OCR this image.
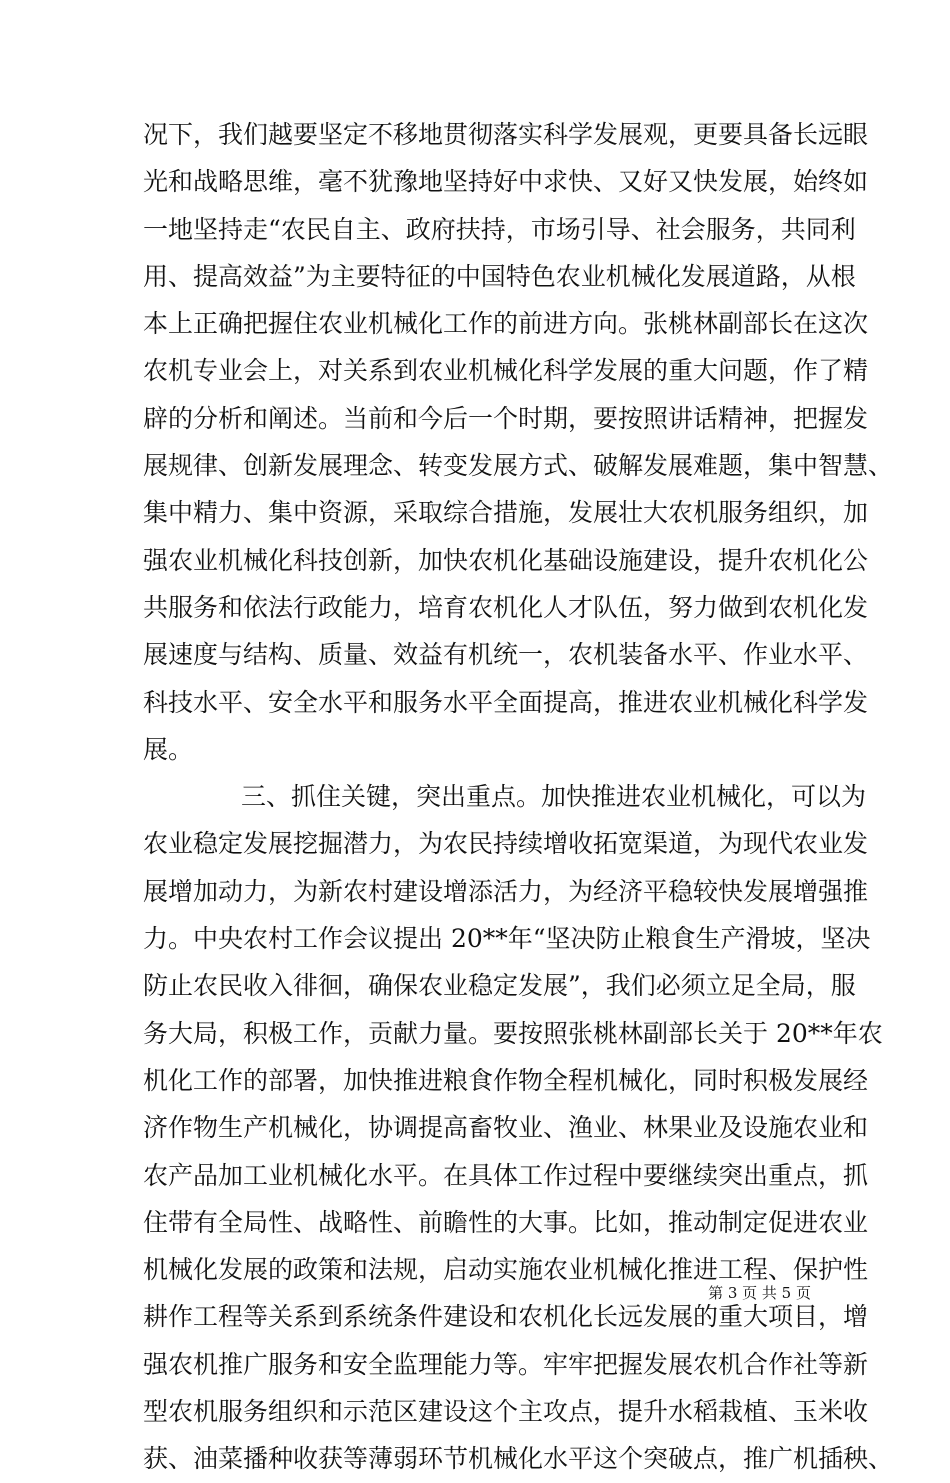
况下，我们越要坚定不移地贯彻落实科学发展观，更要具备长远眼
光和战略思维，毫不犹豫地坚持好中求快、又好又快发展，始终如
一地坚持走“农民自主、政府扶持，市场引导、社会服务，共同利
用、提高效益”为主要特征的中国特色农业机械化发展道路，从根
本上正确把握住农业机械化工作的前进方向。张桃林副部长在这次
农机专业会上，对关系到农业机械化科学发展的重大问题，作了精
辟的分析和阐述。当前和今后一个时期，要按照讲话精神，把握发
展规律、创新发展理念、转变发展方式、破解发展难题，集中智慧、
集中精力、集中资源，采取综合措施，发展壮大农机服务组织，加
强农业机械化科技创新，加快农机化基础设施建设，提升农机化公
共服务和依法行政能力，培育农机化人才队伍，努力做到农机化发
展速度与结构、质量、效益有机统一，农机装备水平、作业水平、
科技水平、安全水平和服务水平全面提高，推进农业机械化科学发
展。
三、抓住关键，突出重点。加快推进农业机械化，可以为
农业稳定发展挖掘潜力，为农民持续增收拓宽渠道，为现代农业发
展增加动力，为新农村建设增添活力，为经济平稳较快发展增强推
力。中央农村工作会议提出 20**年“坚决防止粮食生产滑坡，坚决
防止农民收入徘徊，确保农业稳定发展”，我们必须立足全局，服
务大局，积极工作，贡献力量。要按照张桃林副部长关于 20**年农
机化工作的部署，加快推进粮食作物全程机械化，同时积极发展经
济作物生产机械化，协调提高畜牧业、渔业、林果业及设施农业和
农产品加工业机械化水平。在具体工作过程中要继续突出重点，抓
住带有全局性、战略性、前瞻性的大事。比如，推动制定促进农业
机械化发展的政策和法规，启动实施农业机械化推进工程、保护性
耕作工程等关系到系统条件建设和农机化长远发展的重大项目，增
强农机推广服务和安全监理能力等。牢牢把握发展农机合作社等新
型农机服务组织和示范区建设这个主攻点，提升水稻栽植、玉米收
获、油菜播种收获等薄弱环节机械化水平这个突破点，推广机插秧、
第 3 页 共 5 页
